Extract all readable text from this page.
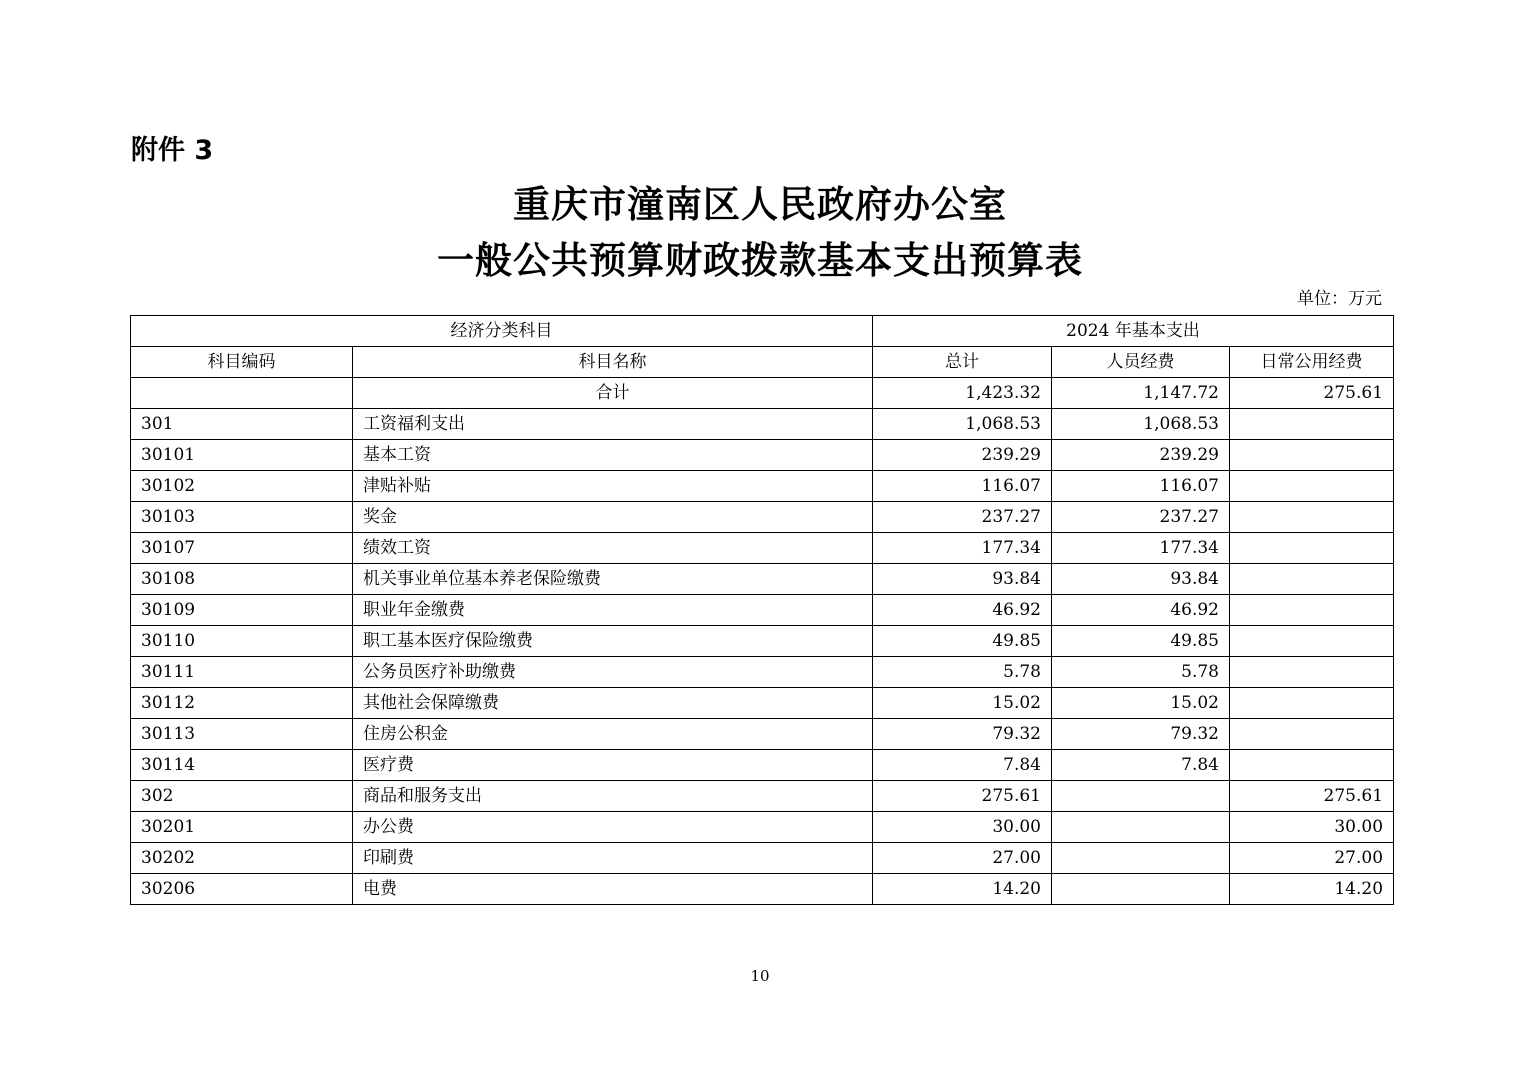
附件 3
重庆市潼南区人民政府办公室
一般公共预算财政拨款基本支出预算表
单位：万元
经济分类科目		2024 年基本支出		
科目编码	科目名称	总计	人员经费	日常公用经费
	合计	1,423.32	1,147.72	275.61
301	工资福利支出	1,068.53	1,068.53	
30101	基本工资	239.29	239.29	
30102	津贴补贴	116.07	116.07	
30103	奖金	237.27	237.27	
30107	绩效工资	177.34	177.34	
30108	机关事业单位基本养老保险缴费	93.84	93.84	
30109	职业年金缴费	46.92	46.92	
30110	职工基本医疗保险缴费	49.85	49.85	
30111	公务员医疗补助缴费	5.78	5.78	
30112	其他社会保障缴费	15.02	15.02	
30113	住房公积金	79.32	79.32	
30114	医疗费	7.84	7.84	
302	商品和服务支出	275.61		275.61
30201	办公费	30.00		30.00
30202	印刷费	27.00		27.00
30206	电费	14.20		14.20
10
